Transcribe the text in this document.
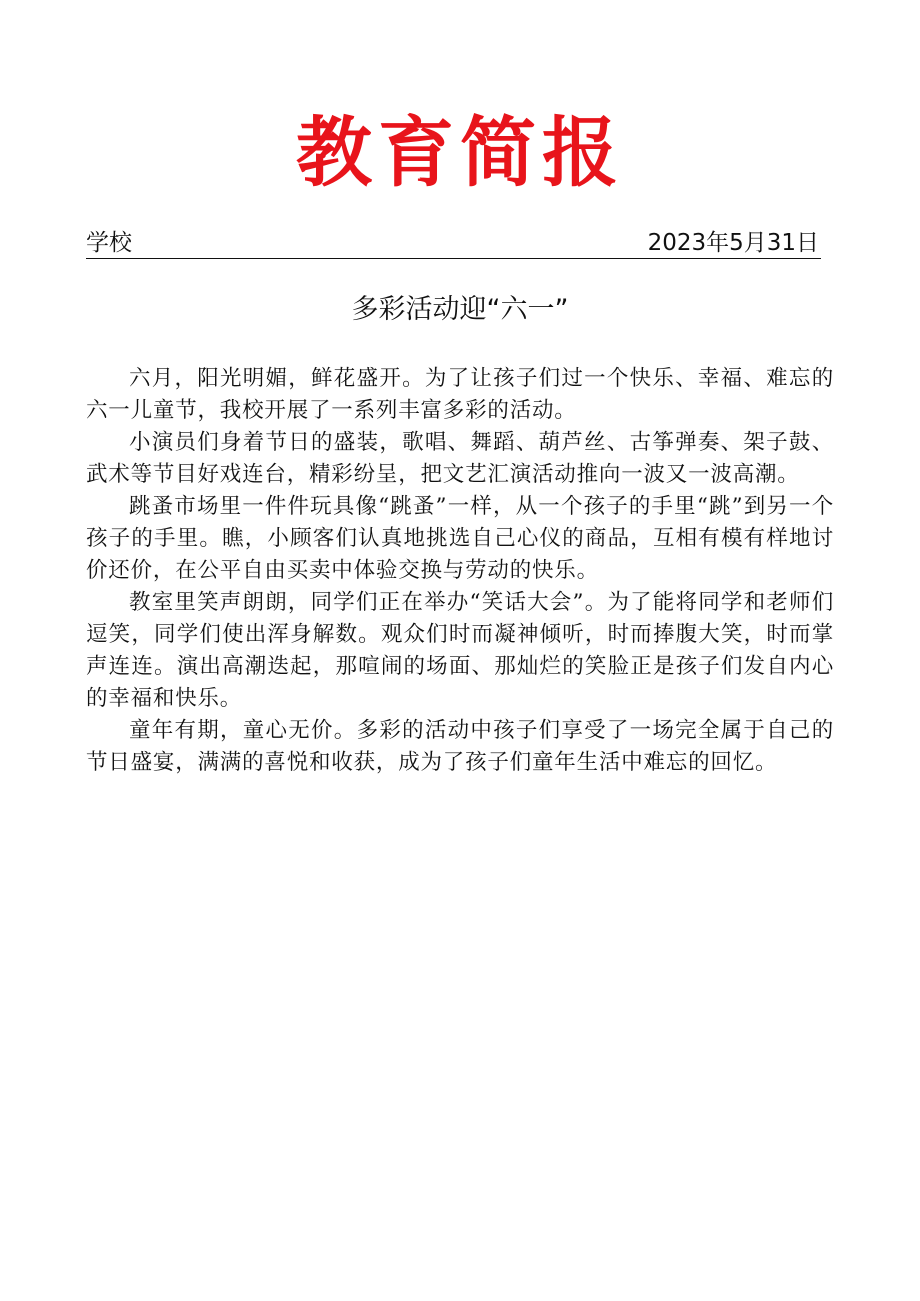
教育简报
学校	2023年5月31日
多彩活动迎“六一”

六月，阳光明媚，鲜花盛开。为了让孩子们过一个快乐、幸福、难忘的六一儿童节，我校开展了一系列丰富多彩的活动。

小演员们身着节日的盛装，歌唱、舞蹈、葫芦丝、古筝弹奏、架子鼓、武术等节目好戏连台，精彩纷呈，把文艺汇演活动推向一波又一波高潮。

跳蚤市场里一件件玩具像“跳蚤”一样，从一个孩子的手里“跳”到另一个孩子的手里。瞧，小顾客们认真地挑选自己心仪的商品，互相有模有样地讨价还价，在公平自由买卖中体验交换与劳动的快乐。

教室里笑声朗朗，同学们正在举办“笑话大会”。为了能将同学和老师们逗笑，同学们使出浑身解数。观众们时而凝神倾听，时而捧腹大笑，时而掌声连连。演出高潮迭起，那喧闹的场面、那灿烂的笑脸正是孩子们发自内心的幸福和快乐。

童年有期，童心无价。多彩的活动中孩子们享受了一场完全属于自己的节日盛宴，满满的喜悦和收获，成为了孩子们童年生活中难忘的回忆。
